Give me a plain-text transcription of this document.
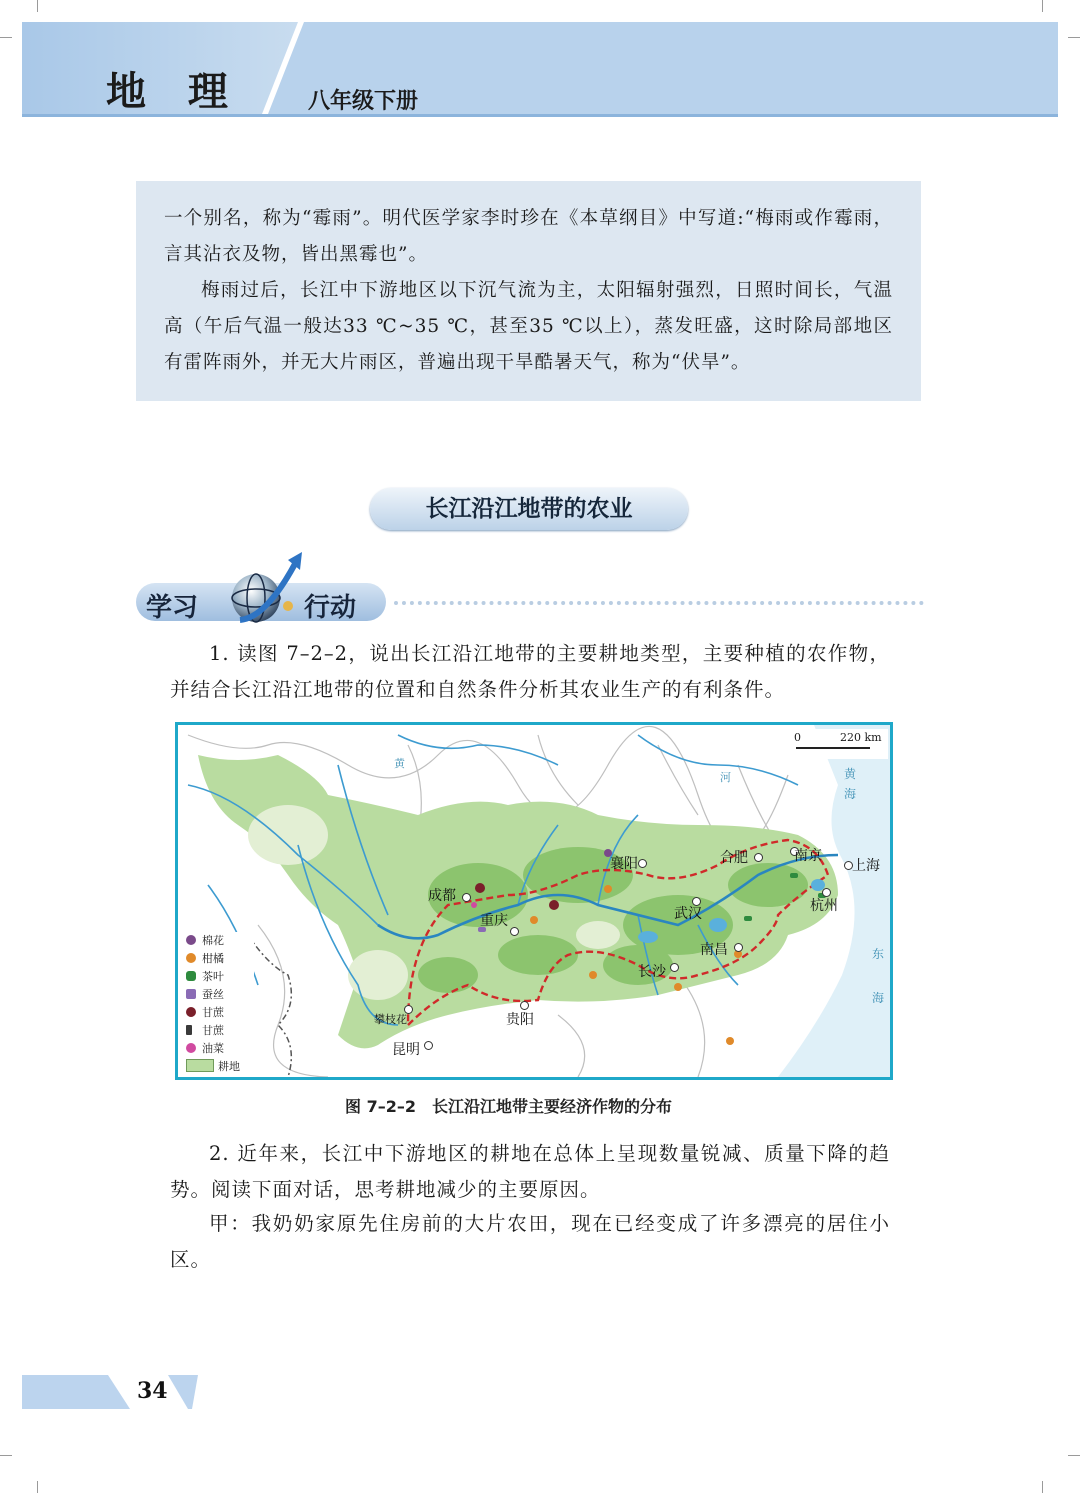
地 理	八年级下册

一个别名，称为“霉雨”。明代医学家李时珍在《本草纲目》中写道:“梅雨或作霉雨，言其沾衣及物，皆出黑霉也”。

梅雨过后，长江中下游地区以下沉气流为主，太阳辐射强烈，日照时间长，气温高（午后气温一般达33 ℃~35 ℃，甚至35 ℃以上），蒸发旺盛，这时除局部地区有雷阵雨外，并无大片雨区，普遍出现干旱酷暑天气，称为“伏旱”。

长江沿江地带的农业
学习	行动

1. 读图 7–2–2，说出长江沿江地带的主要耕地类型，主要种植的农作物，并结合长江沿江地带的位置和自然条件分析其农业生产的有利条件。

0	220 km
黄
河	黄
海
东
海
成都
重庆
襄阳	合肥	南京
上海
杭州
武汉
南昌
长沙
贵阳
昆明
攀枝花
棉花
柑橘
茶叶
蚕丝
甘蔗
甘蔗
油菜
耕地
图 7–2–2　长江沿江地带主要经济作物的分布

2. 近年来，长江中下游地区的耕地在总体上呈现数量锐减、质量下降的趋势。阅读下面对话，思考耕地减少的主要原因。

甲：我奶奶家原先住房前的大片农田，现在已经变成了许多漂亮的居住小区。

34
